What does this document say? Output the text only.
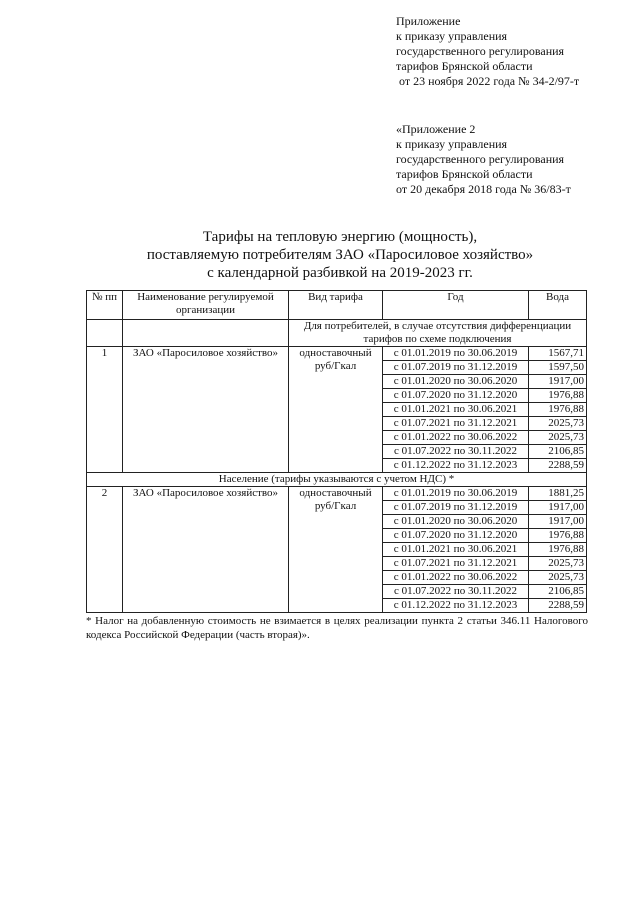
Приложение
к приказу управления
государственного регулирования
тарифов Брянской области
от 23 ноября 2022 года № 34-2/97-т
«Приложение 2
к приказу управления
государственного регулирования
тарифов Брянской области
от 20 декабря 2018 года № 36/83-т
Тарифы на тепловую энергию (мощность),
поставляемую потребителям ЗАО «Паросиловое хозяйство»
с календарной разбивкой на 2019-2023 гг.
№ пп	Наименование регулируемой организации	Вид тарифа	Год	Вода
		Для потребителей, в случае отсутствия дифференциации тарифов по схеме подключения		
1	ЗАО «Паросиловое хозяйство»	одноставочный руб/Гкал	с 01.01.2019 по 30.06.2019	1567,71
			с 01.07.2019 по 31.12.2019	1597,50
			с 01.01.2020 по 30.06.2020	1917,00
			с 01.07.2020 по 31.12.2020	1976,88
			с 01.01.2021 по 30.06.2021	1976,88
			с 01.07.2021 по 31.12.2021	2025,73
			с 01.01.2022 по 30.06.2022	2025,73
			с 01.07.2022 по 30.11.2022	2106,85
			с 01.12.2022 по 31.12.2023	2288,59
Население (тарифы указываются с учетом НДС) *				
2	ЗАО «Паросиловое хозяйство»	одноставочный руб/Гкал	с 01.01.2019 по 30.06.2019	1881,25
			с 01.07.2019 по 31.12.2019	1917,00
			с 01.01.2020 по 30.06.2020	1917,00
			с 01.07.2020 по 31.12.2020	1976,88
			с 01.01.2021 по 30.06.2021	1976,88
			с 01.07.2021 по 31.12.2021	2025,73
			с 01.01.2022 по 30.06.2022	2025,73
			с 01.07.2022 по 30.11.2022	2106,85
			с 01.12.2022 по 31.12.2023	2288,59
* Налог на добавленную стоимость не взимается в целях реализации пункта 2 статьи 346.11 Налогового кодекса Российской Федерации (часть вторая)».
